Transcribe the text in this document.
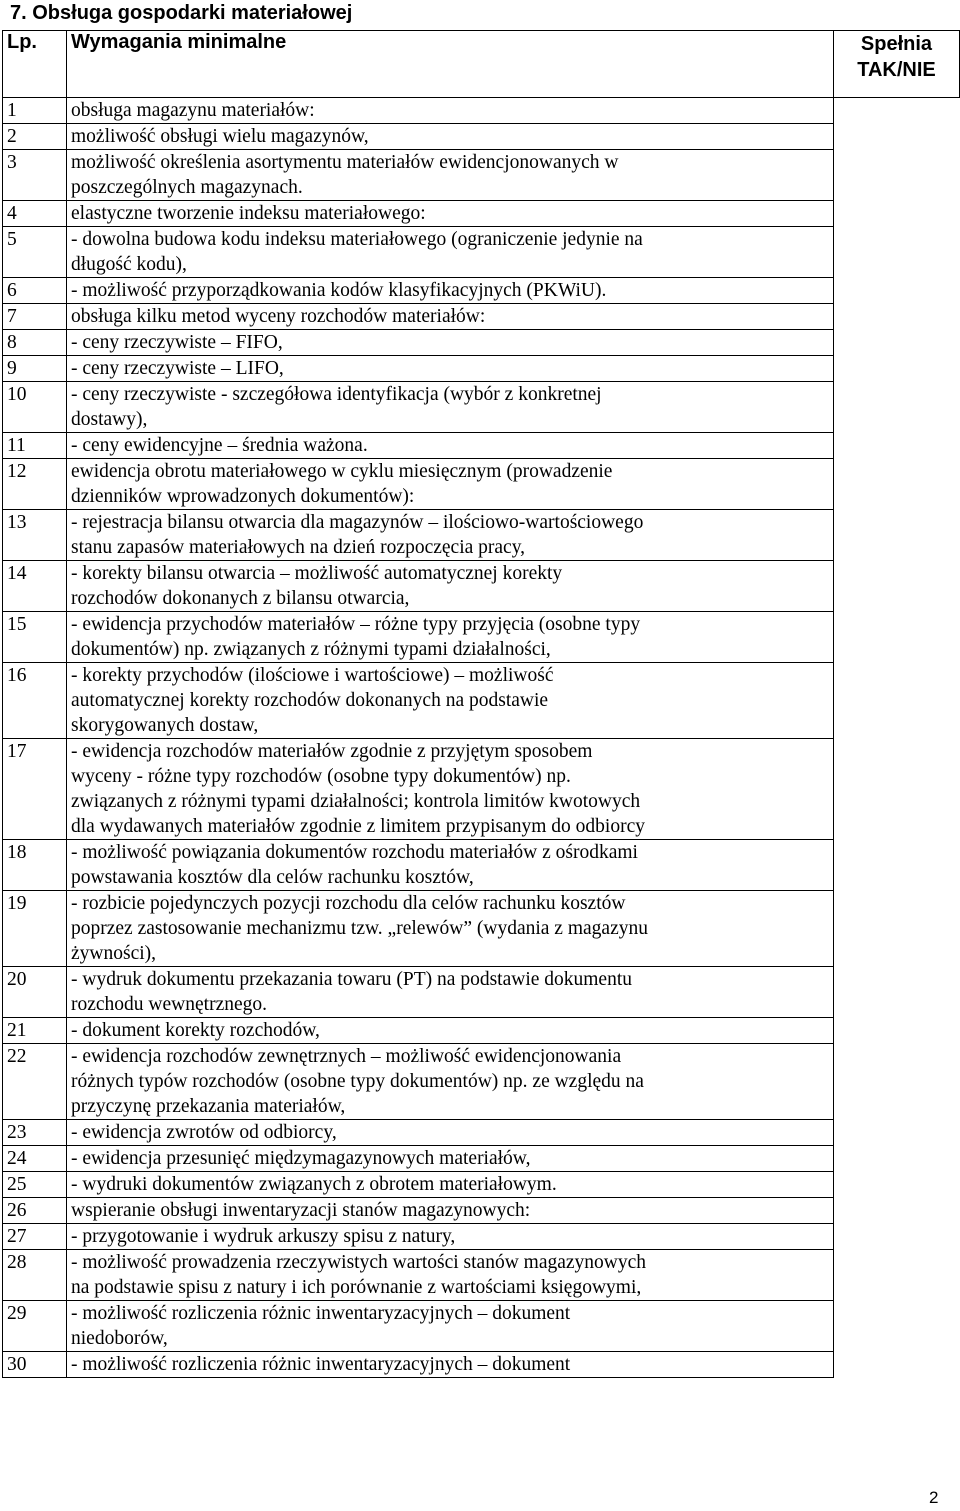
7. Obsługa gospodarki materiałowej
Lp.	Wymagania minimalne	Spełnia
TAK/NIE

1	obsługa magazynu materiałów:	

2	możliwość obsługi wielu magazynów,	

3	możliwość określenia asortymentu materiałów ewidencjonowanych w
poszczególnych magazynach.	

4	elastyczne tworzenie indeksu materiałowego:	

5	- dowolna budowa kodu indeksu materiałowego (ograniczenie jedynie na
długość kodu),	

6	- możliwość przyporządkowania kodów klasyfikacyjnych (PKWiU).	

7	obsługa kilku metod wyceny rozchodów materiałów:	

8	- ceny rzeczywiste – FIFO,	

9	- ceny rzeczywiste – LIFO,	

10	- ceny rzeczywiste - szczegółowa identyfikacja (wybór z konkretnej
dostawy),	

11	- ceny ewidencyjne – średnia ważona.	

12	ewidencja obrotu materiałowego w cyklu miesięcznym (prowadzenie
dzienników wprowadzonych dokumentów):	

13	- rejestracja bilansu otwarcia dla magazynów – ilościowo-wartościowego
stanu zapasów materiałowych na dzień rozpoczęcia pracy,	

14	- korekty bilansu otwarcia – możliwość automatycznej korekty
rozchodów dokonanych z bilansu otwarcia,	

15	- ewidencja przychodów materiałów – różne typy przyjęcia (osobne typy
dokumentów) np. związanych z różnymi typami działalności,	

16	- korekty przychodów (ilościowe i wartościowe) – możliwość
automatycznej korekty rozchodów dokonanych na podstawie
skorygowanych dostaw,	

17	- ewidencja rozchodów materiałów zgodnie z przyjętym sposobem
wyceny - różne typy rozchodów (osobne typy dokumentów) np.
związanych z różnymi typami działalności; kontrola limitów kwotowych
dla wydawanych materiałów zgodnie z limitem przypisanym do odbiorcy	

18	- możliwość powiązania dokumentów rozchodu materiałów z ośrodkami
powstawania kosztów dla celów rachunku kosztów,	

19	- rozbicie pojedynczych pozycji rozchodu dla celów rachunku kosztów
poprzez zastosowanie mechanizmu tzw. „relewów” (wydania z magazynu
żywności),	

20	- wydruk dokumentu przekazania towaru (PT) na podstawie dokumentu
rozchodu wewnętrznego.	

21	- dokument korekty rozchodów,	

22	- ewidencja rozchodów zewnętrznych – możliwość ewidencjonowania
różnych typów rozchodów (osobne typy dokumentów) np. ze względu na
przyczynę przekazania materiałów,	

23	- ewidencja zwrotów od odbiorcy,	

24	- ewidencja przesunięć międzymagazynowych materiałów,	

25	- wydruki dokumentów związanych z obrotem materiałowym.	

26	wspieranie obsługi inwentaryzacji stanów magazynowych:	

27	- przygotowanie i wydruk arkuszy spisu z natury,	

28	- możliwość prowadzenia rzeczywistych wartości stanów magazynowych
na podstawie spisu z natury i ich porównanie z wartościami księgowymi,	

29	- możliwość rozliczenia różnic inwentaryzacyjnych – dokument
niedoborów,	

30	- możliwość rozliczenia różnic inwentaryzacyjnych – dokument	
2
